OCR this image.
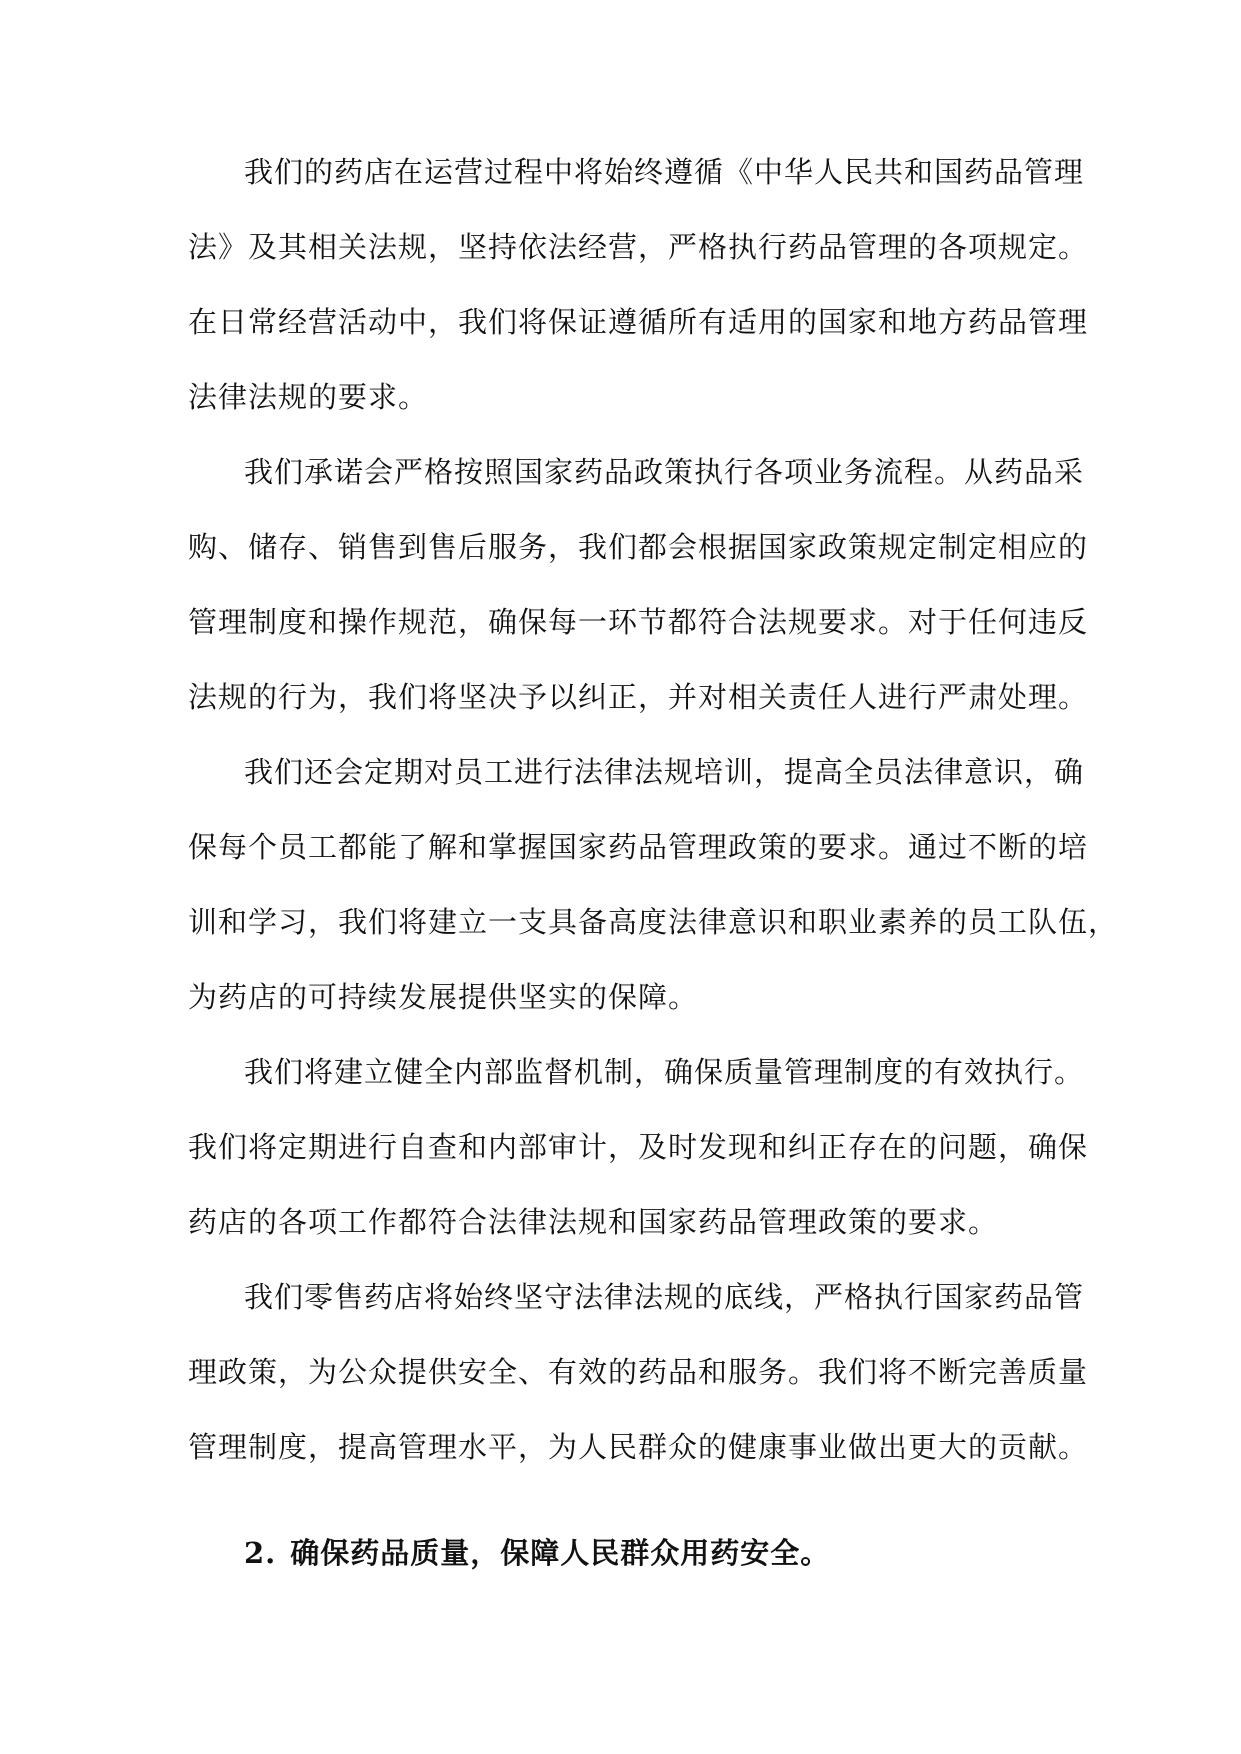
我们的药店在运营过程中将始终遵循《中华人民共和国药品管理
法》及其相关法规，坚持依法经营，严格执行药品管理的各项规定。
在日常经营活动中，我们将保证遵循所有适用的国家和地方药品管理
法律法规的要求。
我们承诺会严格按照国家药品政策执行各项业务流程。从药品采
购、储存、销售到售后服务，我们都会根据国家政策规定制定相应的
管理制度和操作规范，确保每一环节都符合法规要求。对于任何违反
法规的行为，我们将坚决予以纠正，并对相关责任人进行严肃处理。
我们还会定期对员工进行法律法规培训，提高全员法律意识，确
保每个员工都能了解和掌握国家药品管理政策的要求。通过不断的培
训和学习，我们将建立一支具备高度法律意识和职业素养的员工队伍，
为药店的可持续发展提供坚实的保障。
我们将建立健全内部监督机制，确保质量管理制度的有效执行。
我们将定期进行自查和内部审计，及时发现和纠正存在的问题，确保
药店的各项工作都符合法律法规和国家药品管理政策的要求。
我们零售药店将始终坚守法律法规的底线，严格执行国家药品管
理政策，为公众提供安全、有效的药品和服务。我们将不断完善质量
管理制度，提高管理水平，为人民群众的健康事业做出更大的贡献。
2. 确保药品质量，保障人民群众用药安全。
